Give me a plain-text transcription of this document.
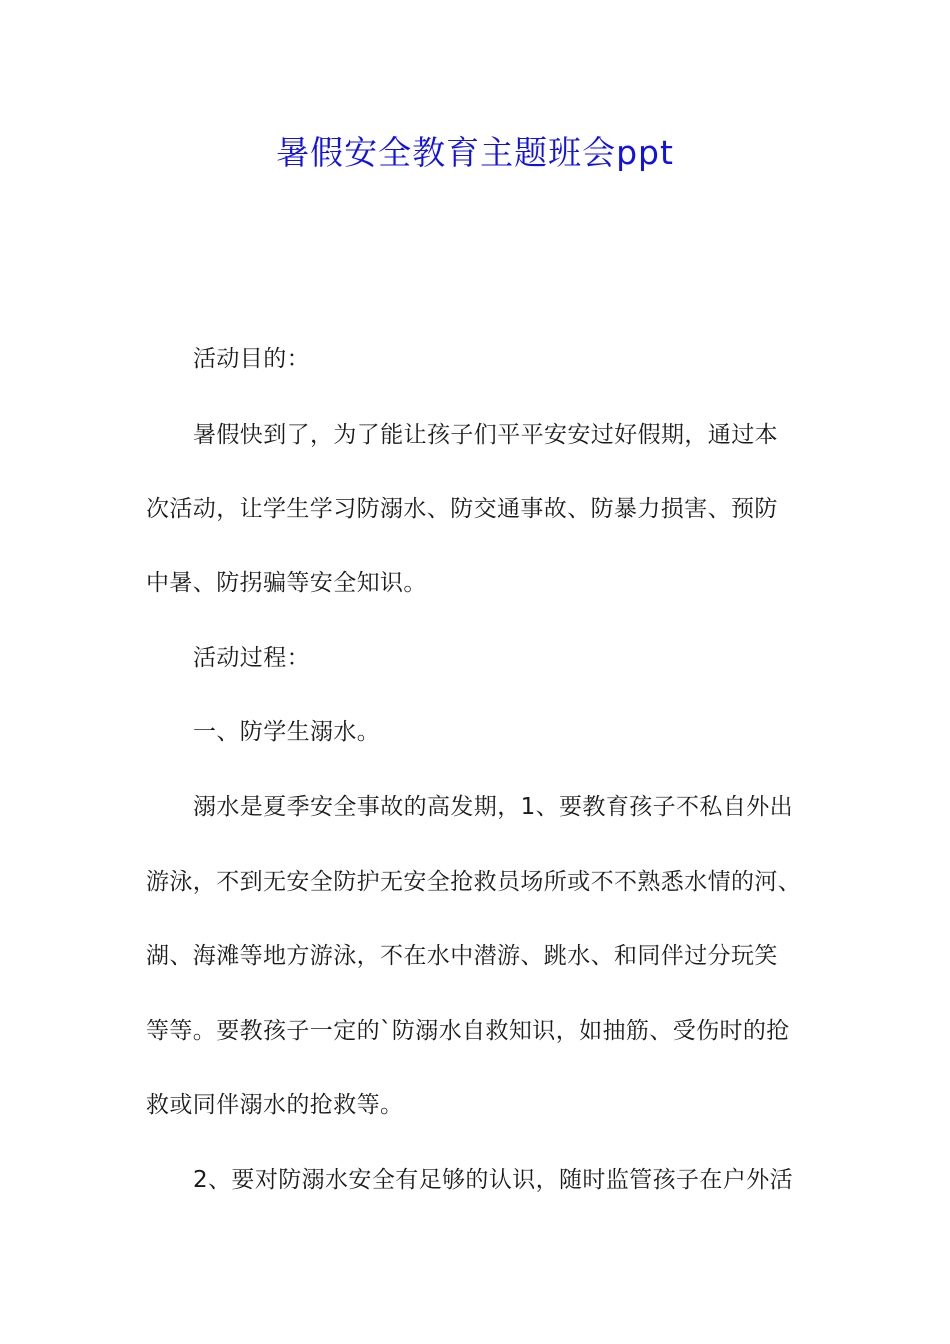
暑假安全教育主题班会ppt
活动目的：
暑假快到了，为了能让孩子们平平安安过好假期，通过本
次活动，让学生学习防溺水、防交通事故、防暴力损害、预防
中暑、防拐骗等安全知识。
活动过程：
一、防学生溺水。
溺水是夏季安全事故的高发期，1、要教育孩子不私自外出
游泳，不到无安全防护无安全抢救员场所或不不熟悉水情的河、
湖、海滩等地方游泳，不在水中潜游、跳水、和同伴过分玩笑
等等。要教孩子一定的`防溺水自救知识，如抽筋、受伤时的抢
救或同伴溺水的抢救等。
2、要对防溺水安全有足够的认识，随时监管孩子在户外活
